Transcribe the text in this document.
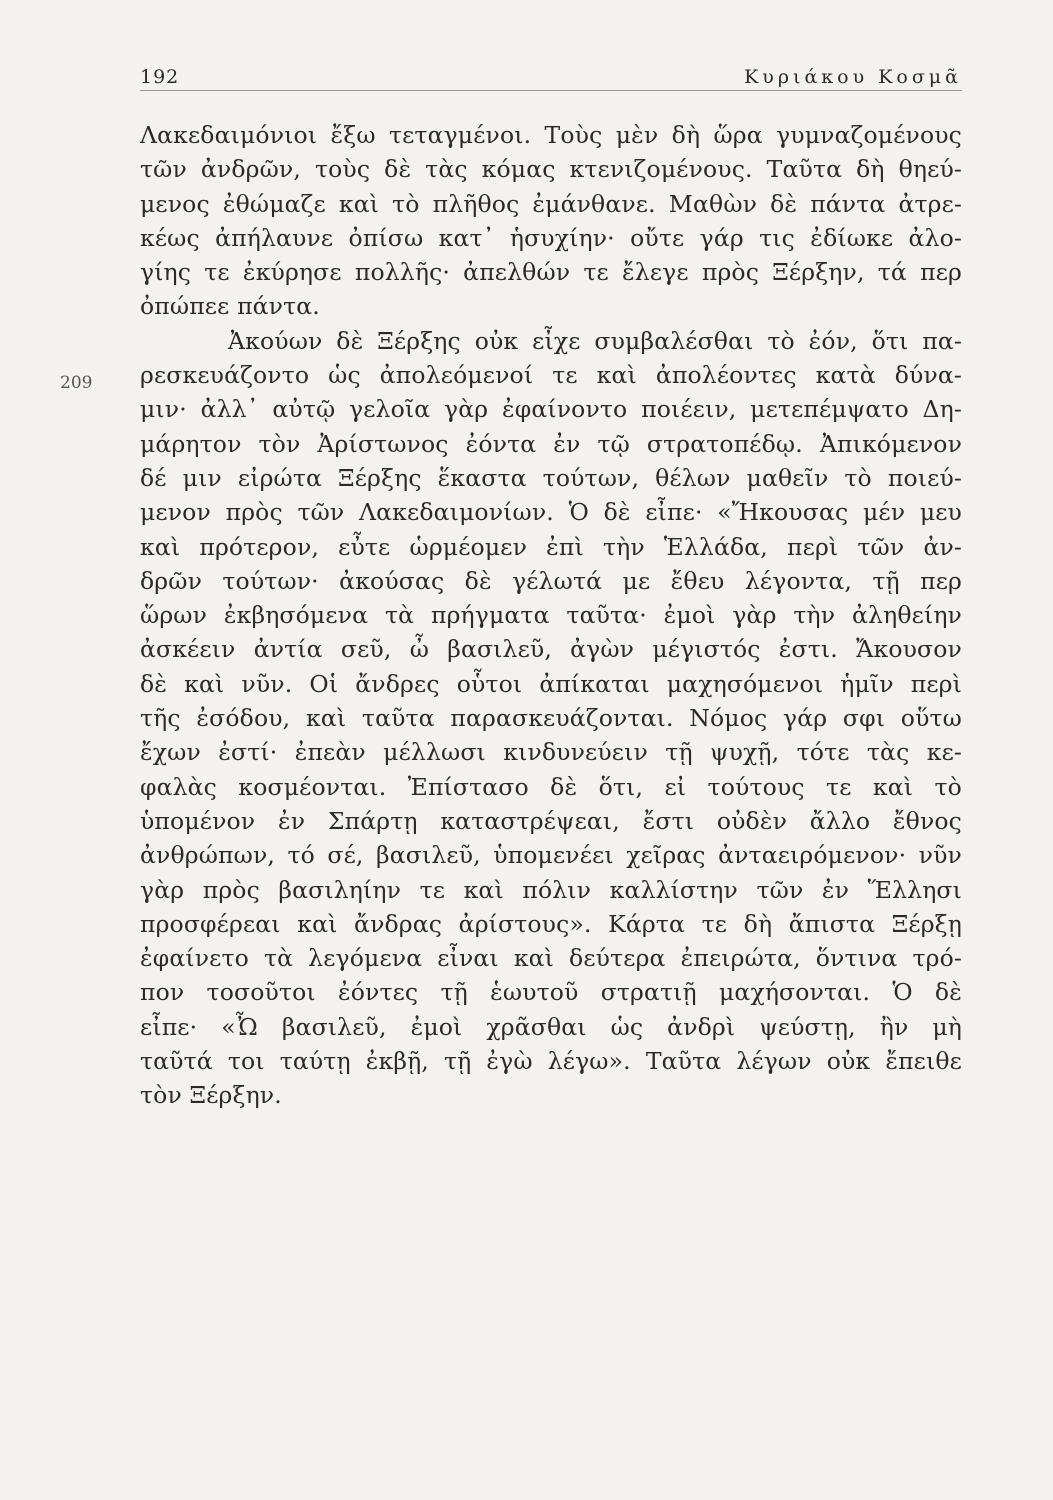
192	Κυριάκου Κοσμᾶ
209
Λακεδαιμόνιοι ἔξω τεταγμένοι. Τοὺς μὲν δὴ ὥρα γυμναζομένους
τῶν ἀνδρῶν, τοὺς δὲ τὰς κόμας κτενιζομένους. Ταῦτα δὴ θηεύ-
μενος ἐθώμαζε καὶ τὸ πλῆθος ἐμάνθανε. Μαθὼν δὲ πάντα ἀτρε-
κέως ἀπήλαυνε ὀπίσω κατ᾽ ἡσυχίην· οὔτε γάρ τις ἐδίωκε ἀλο-
γίης τε ἐκύρησε πολλῆς· ἀπελθών τε ἔλεγε πρὸς Ξέρξην, τά περ
ὀπώπεε πάντα.
Ἀκούων δὲ Ξέρξης οὐκ εἶχε συμβαλέσθαι τὸ ἐόν, ὅτι πα-
ρεσκευάζοντο ὡς ἀπολεόμενοί τε καὶ ἀπολέοντες κατὰ δύνα-
μιν· ἀλλ᾽ αὐτῷ γελοῖα γὰρ ἐφαίνοντο ποιέειν, μετεπέμψατο Δη-
μάρητον τὸν Ἀρίστωνος ἐόντα ἐν τῷ στρατοπέδῳ. Ἀπικόμενον
δέ μιν εἰρώτα Ξέρξης ἕκαστα τούτων, θέλων μαθεῖν τὸ ποιεύ-
μενον πρὸς τῶν Λακεδαιμονίων. Ὁ δὲ εἶπε· «Ἤκουσας μέν μευ
καὶ πρότερον, εὖτε ὡρμέομεν ἐπὶ τὴν Ἑλλάδα, περὶ τῶν ἀν-
δρῶν τούτων· ἀκούσας δὲ γέλωτά με ἔθευ λέγοντα, τῇ περ
ὥρων ἐκβησόμενα τὰ πρήγματα ταῦτα· ἐμοὶ γὰρ τὴν ἀληθείην
ἀσκέειν ἀντία σεῦ, ὦ βασιλεῦ, ἀγὼν μέγιστός ἐστι. Ἄκουσον
δὲ καὶ νῦν. Οἱ ἄνδρες οὗτοι ἀπίκαται μαχησόμενοι ἡμῖν περὶ
τῆς ἐσόδου, καὶ ταῦτα παρασκευάζονται. Νόμος γάρ σφι οὕτω
ἔχων ἐστί· ἐπεὰν μέλλωσι κινδυνεύειν τῇ ψυχῇ, τότε τὰς κε-
φαλὰς κοσμέονται. Ἐπίστασο δὲ ὅτι, εἰ τούτους τε καὶ τὸ
ὑπομένον ἐν Σπάρτῃ καταστρέψεαι, ἔστι οὐδὲν ἄλλο ἔθνος
ἀνθρώπων, τό σέ, βασιλεῦ, ὑπομενέει χεῖρας ἀνταειρόμενον· νῦν
γὰρ πρὸς βασιληίην τε καὶ πόλιν καλλίστην τῶν ἐν Ἕλλησι
προσφέρεαι καὶ ἄνδρας ἀρίστους». Κάρτα τε δὴ ἄπιστα Ξέρξῃ
ἐφαίνετο τὰ λεγόμενα εἶναι καὶ δεύτερα ἐπειρώτα, ὅντινα τρό-
πον τοσοῦτοι ἐόντες τῇ ἑωυτοῦ στρατιῇ μαχήσονται. Ὁ δὲ
εἶπε· «Ὦ βασιλεῦ, ἐμοὶ χρᾶσθαι ὡς ἀνδρὶ ψεύστῃ, ἢν μὴ
ταῦτά τοι ταύτῃ ἐκβῇ, τῇ ἐγὼ λέγω». Ταῦτα λέγων οὐκ ἔπειθε
τὸν Ξέρξην.
